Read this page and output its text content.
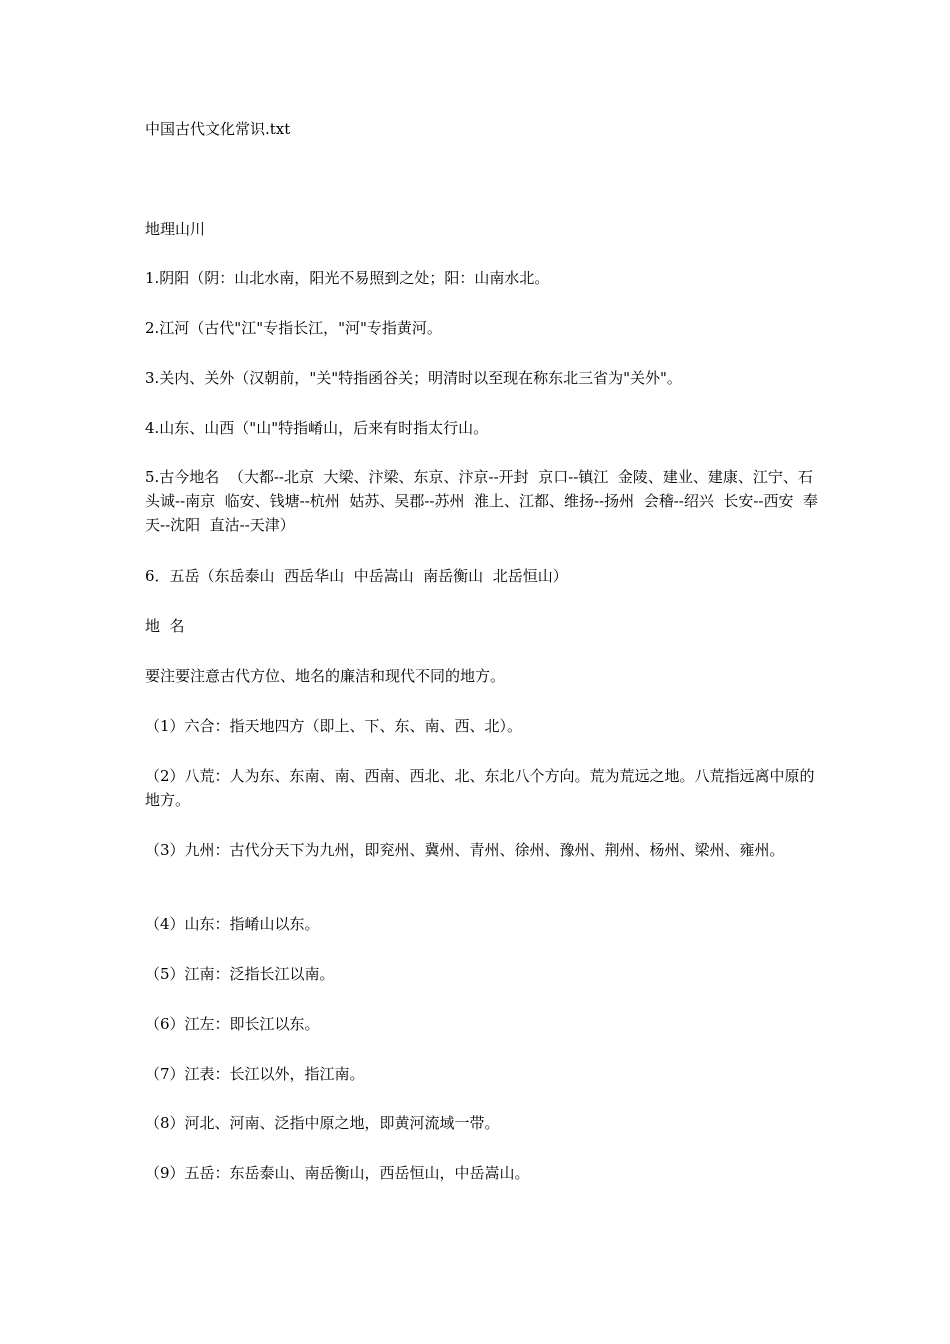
中国古代文化常识.txt

地理山川

1.阴阳（阴：山北水南，阳光不易照到之处；阳：山南水北。

2.江河（古代"江"专指长江，"河"专指黄河。

3.关内、关外（汉朝前，"关"特指函谷关；明清时以至现在称东北三省为"关外"。

4.山东、山西（"山"特指崤山，后来有时指太行山。

5.古今地名  （大都--北京  大梁、汴梁、东京、汴京--开封  京口--镇江  金陵、建业、建康、江宁、石头诚--南京  临安、钱塘--杭州  姑苏、吴郡--苏州  淮上、江都、维扬--扬州  会稽--绍兴  长安--西安  奉天--沈阳  直沽--天津）

6．五岳（东岳泰山  西岳华山  中岳嵩山  南岳衡山  北岳恒山）

地  名

要注要注意古代方位、地名的廉洁和现代不同的地方。

（1）六合：指天地四方（即上、下、东、南、西、北）。

（2）八荒：人为东、东南、南、西南、西北、北、东北八个方向。荒为荒远之地。八荒指远离中原的地方。

（3）九州：古代分天下为九州，即兖州、冀州、青州、徐州、豫州、荆州、杨州、梁州、雍州。

（4）山东：指崤山以东。

（5）江南：泛指长江以南。

（6）江左：即长江以东。

（7）江表：长江以外，指江南。

（8）河北、河南、泛指中原之地，即黄河流域一带。

（9）五岳：东岳泰山、南岳衡山，西岳恒山，中岳嵩山。
